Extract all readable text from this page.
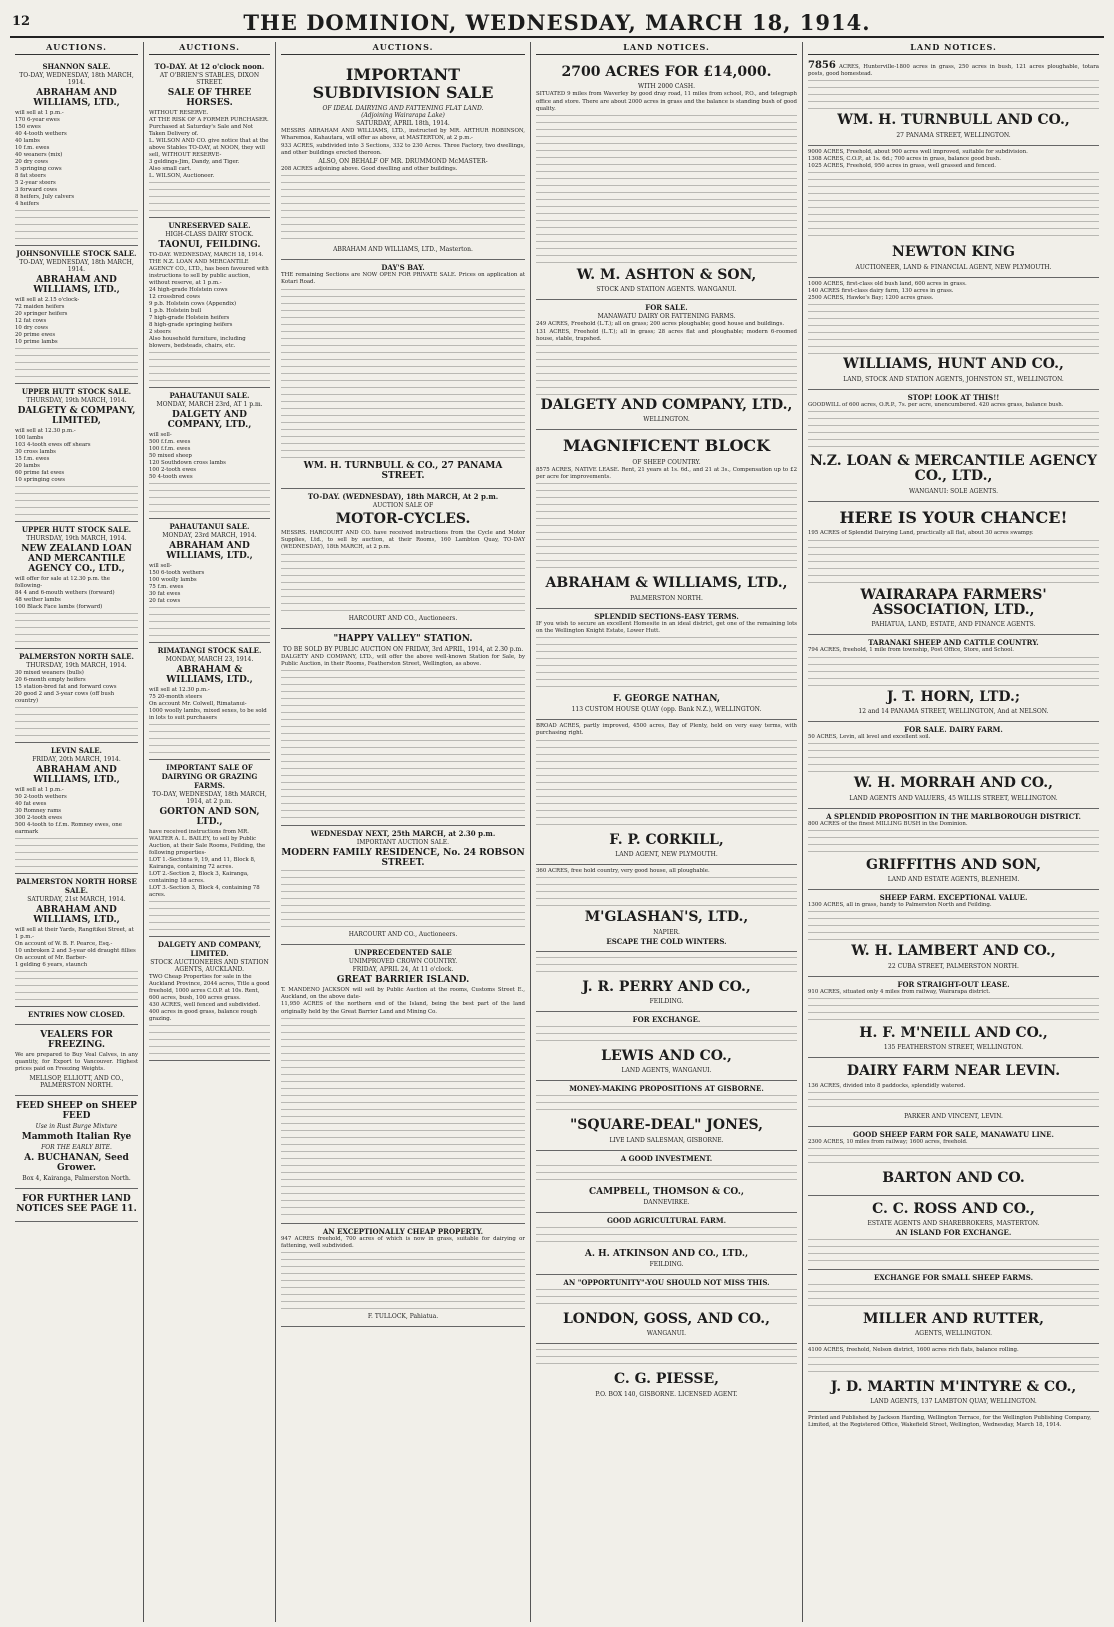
12	THE DOMINION, WEDNESDAY, MARCH 18, 1914.
AUCTIONS.
SHANNON SALE.
TO-DAY, WEDNESDAY, 18th MARCH, 1914.
ABRAHAM AND WILLIAMS, LTD.,
will sell at 1 p.m.-
170 6-year ewes
150 ewes
40 4-tooth wethers
40 lambs
10 f.m. ewes
40 weaners (mix)
20 dry cows
5 springing cows
8 fat steers
5 2-year steers
3 forward cows
8 heifers, July calvers
4 heifers
JOHNSONVILLE STOCK SALE.
TO-DAY, WEDNESDAY, 18th MARCH, 1914.
ABRAHAM AND WILLIAMS, LTD.,
will sell at 2.15 o'clock-
72 maiden heifers
20 springer heifers
12 fat cows
10 dry cows
20 prime ewes
10 prime lambs
UPPER HUTT STOCK SALE.
THURSDAY, 19th MARCH, 1914.
DALGETY & COMPANY, LIMITED,
will sell at 12.30 p.m.-
100 lambs
103 4-tooth ewes off shears
30 cross lambs
15 f.m. ewes
20 lambs
60 prime fat ewes
10 springing cows
UPPER HUTT STOCK SALE.
THURSDAY, 19th MARCH, 1914.
NEW ZEALAND LOAN AND MERCANTILE AGENCY CO., LTD.,
will offer for sale at 12.30 p.m. the following-
84 4 and 6-mouth wethers (forward)
48 wether lambs
100 Black Face lambs (forward)
PALMERSTON NORTH SALE.
THURSDAY, 19th MARCH, 1914.
30 mixed weaners (bulls)
20 6-month empty heifers
15 station-bred fat and forward cows
20 good 2 and 3-year cows (off bush country)
LEVIN SALE.
FRIDAY, 20th MARCH, 1914.
ABRAHAM AND WILLIAMS, LTD.,
will sell at 1 p.m.-
50 2-tooth wethers
40 fat ewes
30 Romney rams
300 2-tooth ewes
500 4-tooth to f.f.m. Romney ewes, one earmark
PALMERSTON NORTH HORSE SALE.
SATURDAY, 21st MARCH, 1914.
ABRAHAM AND WILLIAMS, LTD.,
will sell at their Yards, Rangitikei Street, at 1 p.m.-
On account of W. B. F. Pearce, Esq.-
10 unbroken 2 and 3-year old draught fillies
On account of Mr. Barber-
1 gelding 6 years, staunch
ENTRIES NOW CLOSED.
VEALERS FOR FREEZING.

We are prepared to Buy Veal Calves, in any quantity, for Export to Vancouver. Highest prices paid on Freezing Weights.

MELLSOP, ELLIOTT, AND CO., PALMERSTON NORTH.
FEED SHEEP on SHEEP FEED
Use in Rust Burge Mixture
Mammoth Italian Rye
FOR THE EARLY BITE.
A. BUCHANAN, Seed Grower.
Box 4, Kairanga, Palmerston North.
FOR FURTHER LAND NOTICES SEE PAGE 11.
AUCTIONS.
TO-DAY. At 12 o'clock noon.
AT O'BRIEN'S STABLES, DIXON STREET.
SALE OF THREE HORSES.
WITHOUT RESERVE.
AT THE RISK OF A FORMER PURCHASER.
Purchased at Saturday's Sale and Not Taken Delivery of.
L. WILSON AND CO. give notice that at the above Stables TO-DAY, at NOON, they will sell, WITHOUT RESERVE-
3 geldings-Jim, Dandy, and Tiger.
Also small cart.
L. WILSON, Auctioneer.
UNRESERVED SALE.
HIGH-CLASS DAIRY STOCK.
TAONUI, FEILDING.
TO-DAY. WEDNESDAY, MARCH 18, 1914.
THE N.Z. LOAN AND MERCANTILE AGENCY CO., LTD., has been favoured with instructions to sell by public auction, without reserve, at 1 p.m.-
24 high-grade Holstein cows
12 crossbred cows
9 p.b. Holstein cows (Appendix)
1 p.b. Holstein bull
7 high-grade Holstein heifers
8 high-grade springing heifers
2 steers
Also household furniture, including blowers, bedsteads, chairs, etc.
PAHAUTANUI SALE.
MONDAY, MARCH 23rd, AT 1 p.m.
DALGETY AND COMPANY, LTD.,
will sell-
500 f.f.m. ewes
100 f.f.m. ewes
50 mixed sheep
120 Southdown cross lambs
100 2-tooth ewes
50 4-tooth ewes
PAHAUTANUI SALE.
MONDAY, 23rd MARCH, 1914.
ABRAHAM AND WILLIAMS, LTD.,
will sell-
150 6-tooth wethers
100 woolly lambs
75 f.m. ewes
30 fat ewes
20 fat cows
RIMATANGI STOCK SALE.
MONDAY, MARCH 23, 1914.
ABRAHAM & WILLIAMS, LTD.,
will sell at 12.30 p.m.-
75 20-month steers
On account Mr. Colwell, Rimatanui-
1000 woolly lambs, mixed sexes, to be sold in lots to suit purchasers
IMPORTANT SALE OF DAIRYING OR GRAZING FARMS.
TO-DAY, WEDNESDAY, 18th MARCH, 1914, at 2 p.m.
GORTON AND SON, LTD.,
have received instructions from MR. WALTER A. L. BAILEY, to sell by Public Auction, at their Sale Rooms, Feilding, the following properties-
LOT 1.-Sections 9, 19, and 11, Block 8, Kairanga, containing 72 acres.
LOT 2.-Section 2, Block 3, Kairanga, containing 18 acres.
LOT 3.-Section 3, Block 4, containing 78 acres.
DALGETY AND COMPANY, LIMITED.
STOCK AUCTIONEERS AND STATION AGENTS, AUCKLAND.
TWO Cheap Properties for sale in the Auckland Province, 2044 acres, Title a good freehold, 1000 acres C.O.P. at 10s. Rent, 600 acres, bush, 100 acres grass.
430 ACRES, well fenced and subdivided. 400 acres in good grass, balance rough grazing.
AUCTIONS.
IMPORTANT SUBDIVISION SALE
OF IDEAL DAIRYING AND FATTENING FLAT LAND.
(Adjoining Wairarapa Lake)
SATURDAY, APRIL 18th, 1914.

MESSRS ABRAHAM AND WILLIAMS, LTD., instructed by MR. ARTHUR ROBINSON, Wharemoa, Kahautara, will offer as above, at MASTERTON, at 2 p.m.-

933 ACRES, subdivided into 3 Sections, 332 to 230 Acres. Three Factory, two dwellings, and other buildings erected thereon.

ALSO, ON BEHALF OF MR. DRUMMOND McMASTER-

208 ACRES adjoining above. Good dwelling and other buildings.

ABRAHAM AND WILLIAMS, LTD., Masterton.
DAY'S BAY.

THE remaining Sections are NOW OPEN FOR PRIVATE SALE. Prices on application at Kotari Road.

WM. H. TURNBULL & CO., 27 PANAMA STREET.
TO-DAY. (WEDNESDAY), 18th MARCH, At 2 p.m.
AUCTION SALE OF
MOTOR-CYCLES.

MESSRS. HARCOURT AND CO. have received instructions from the Cycle and Motor Supplies, Ltd., to sell by auction, at their Rooms, 160 Lambton Quay, TO-DAY (WEDNESDAY), 18th MARCH, at 2 p.m.

HARCOURT AND CO., Auctioneers.
"HAPPY VALLEY" STATION.
TO BE SOLD BY PUBLIC AUCTION ON FRIDAY, 3rd APRIL, 1914, at 2.30 p.m.

DALGETY AND COMPANY, LTD., will offer the above well-known Station for Sale, by Public Auction, in their Rooms, Featherston Street, Wellington, as above.

WEDNESDAY NEXT, 25th MARCH, at 2.30 p.m.
IMPORTANT AUCTION SALE.
MODERN FAMILY RESIDENCE, No. 24 ROBSON STREET.
HARCOURT AND CO., Auctioneers.
UNPRECEDENTED SALE
UNIMPROVED CROWN COUNTRY.
FRIDAY, APRIL 24, At 11 o'clock.
GREAT BARRIER ISLAND.

T. MANDENO JACKSON will sell by Public Auction at the rooms, Customs Street E., Auckland, on the above date-

11,950 ACRES of the northern end of the Island, being the best part of the land originally held by the Great Barrier Land and Mining Co.

AN EXCEPTIONALLY CHEAP PROPERTY.

947 ACRES freehold, 700 acres of which is now in grass, suitable for dairying or fattening, well subdivided.

F. TULLOCK, Pahiatua.
LAND NOTICES.
2700 ACRES FOR £14,000.
WITH 2000 CASH.

SITUATED 9 miles from Waverley by good dray road, 11 miles from school, P.O., and telegraph office and store. There are about 2000 acres in grass and the balance is standing bush of good quality.

W. M. ASHTON & SON,
STOCK AND STATION AGENTS. WANGANUI.
FOR SALE.
MANAWATU DAIRY OR FATTENING FARMS.

249 ACRES, Freehold (L.T.); all on grass; 200 acres ploughable; good house and buildings.

131 ACRES, Freehold (L.T.); all in grass; 28 acres flat and ploughable; modern 6-roomed house, stable, trapshed.

DALGETY AND COMPANY, LTD.,
WELLINGTON.
MAGNIFICENT BLOCK
OF SHEEP COUNTRY.

8575 ACRES, NATIVE LEASE. Rent, 21 years at 1s. 6d., and 21 at 3s., Compensation up to £2 per acre for improvements.

ABRAHAM & WILLIAMS, LTD.,
PALMERSTON NORTH.
SPLENDID SECTIONS-EASY TERMS.

IF you wish to secure an excellent Homesite in an ideal district, get one of the remaining lots on the Wellington Knight Estate, Lower Hutt.

F. GEORGE NATHAN,
113 CUSTOM HOUSE QUAY (opp. Bank N.Z.), WELLINGTON.

BROAD ACRES, partly improved, 4500 acres, Bay of Plenty, held on very easy terms, with purchasing right.

F. P. CORKILL,
LAND AGENT, NEW PLYMOUTH.

360 ACRES, free hold country, very good house, all ploughable.

M'GLASHAN'S, LTD.,
NAPIER.
ESCAPE THE COLD WINTERS.
J. R. PERRY AND CO.,
FEILDING.
FOR EXCHANGE.
LEWIS AND CO.,
LAND AGENTS, WANGANUI.
MONEY-MAKING PROPOSITIONS AT GISBORNE.
"SQUARE-DEAL" JONES,
LIVE LAND SALESMAN, GISBORNE.
A GOOD INVESTMENT.
CAMPBELL, THOMSON & CO.,
DANNEVIRKE.
GOOD AGRICULTURAL FARM.
A. H. ATKINSON AND CO., LTD.,
FEILDING.
AN "OPPORTUNITY"-YOU SHOULD NOT MISS THIS.
LONDON, GOSS, AND CO.,
WANGANUI.
C. G. PIESSE,
P.O. BOX 140, GISBORNE. LICENSED AGENT.
LAND NOTICES.

7856 ACRES, Hunterville-1800 acres in grass, 250 acres in bush, 121 acres ploughable, totara posts, good homestead.

WM. H. TURNBULL AND CO.,
27 PANAMA STREET, WELLINGTON.

9000 ACRES, Freehold, about 900 acres well improved, suitable for subdivision.

1308 ACRES, C.O.P., at 1s. 6d.; 700 acres in grass, balance good bush.

1025 ACRES, Freehold, 950 acres in grass, well grassed and fenced.

NEWTON KING
AUCTIONEER, LAND & FINANCIAL AGENT, NEW PLYMOUTH.

1000 ACRES, first-class old bush land, 600 acres in grass.

140 ACRES first-class dairy farm, 130 acres in grass.

2500 ACRES, Hawke's Bay; 1200 acres grass.

WILLIAMS, HUNT AND CO.,
LAND, STOCK AND STATION AGENTS, JOHNSTON ST., WELLINGTON.
STOP! LOOK AT THIS!!

GOODWILL of 600 acres, O.R.P., 7s. per acre, unencumbered. 420 acres grass, balance bush.

N.Z. LOAN & MERCANTILE AGENCY CO., LTD.,
WANGANUI: SOLE AGENTS.
HERE IS YOUR CHANCE!

195 ACRES of Splendid Dairying Land, practically all flat, about 30 acres swampy.

WAIRARAPA FARMERS' ASSOCIATION, LTD.,
PAHIATUA, LAND, ESTATE, AND FINANCE AGENTS.
TARANAKI SHEEP AND CATTLE COUNTRY.

794 ACRES, freehold, 1 mile from township, Post Office, Store, and School.

J. T. HORN, LTD.;
12 and 14 PANAMA STREET, WELLINGTON, And at NELSON.
FOR SALE. DAIRY FARM.

50 ACRES, Levin, all level and excellent soil.

W. H. MORRAH AND CO.,
LAND AGENTS AND VALUERS, 45 WILLIS STREET, WELLINGTON.
A SPLENDID PROPOSITION IN THE MARLBOROUGH DISTRICT.

800 ACRES of the finest MILLING BUSH in the Dominion.

GRIFFITHS AND SON,
LAND AND ESTATE AGENTS, BLENHEIM.
SHEEP FARM. EXCEPTIONAL VALUE.

1300 ACRES, all in grass, handy to Palmerston North and Feilding.

W. H. LAMBERT AND CO.,
22 CUBA STREET, PALMERSTON NORTH.
FOR STRAIGHT-OUT LEASE.

910 ACRES, situated only 4 miles from railway, Wairarapa district.

H. F. M'NEILL AND CO.,
135 FEATHERSTON STREET, WELLINGTON.
DAIRY FARM NEAR LEVIN.

136 ACRES, divided into 8 paddocks, splendidly watered.

PARKER AND VINCENT, LEVIN.
GOOD SHEEP FARM FOR SALE, MANAWATU LINE.

2300 ACRES, 10 miles from railway; 1600 acres, freehold.

BARTON AND CO.
C. C. ROSS AND CO.,
ESTATE AGENTS AND SHAREBROKERS, MASTERTON.
AN ISLAND FOR EXCHANGE.
EXCHANGE FOR SMALL SHEEP FARMS.
MILLER AND RUTTER,
AGENTS, WELLINGTON.

4100 ACRES, freehold, Nelson district, 1600 acres rich flats, balance rolling.

J. D. MARTIN M'INTYRE & CO.,
LAND AGENTS, 137 LAMBTON QUAY, WELLINGTON.

Printed and Published by Jackson Harding, Wellington Terrace, for the Wellington Publishing Company, Limited, at the Registered Office, Wakefield Street, Wellington, Wednesday, March 18, 1914.
